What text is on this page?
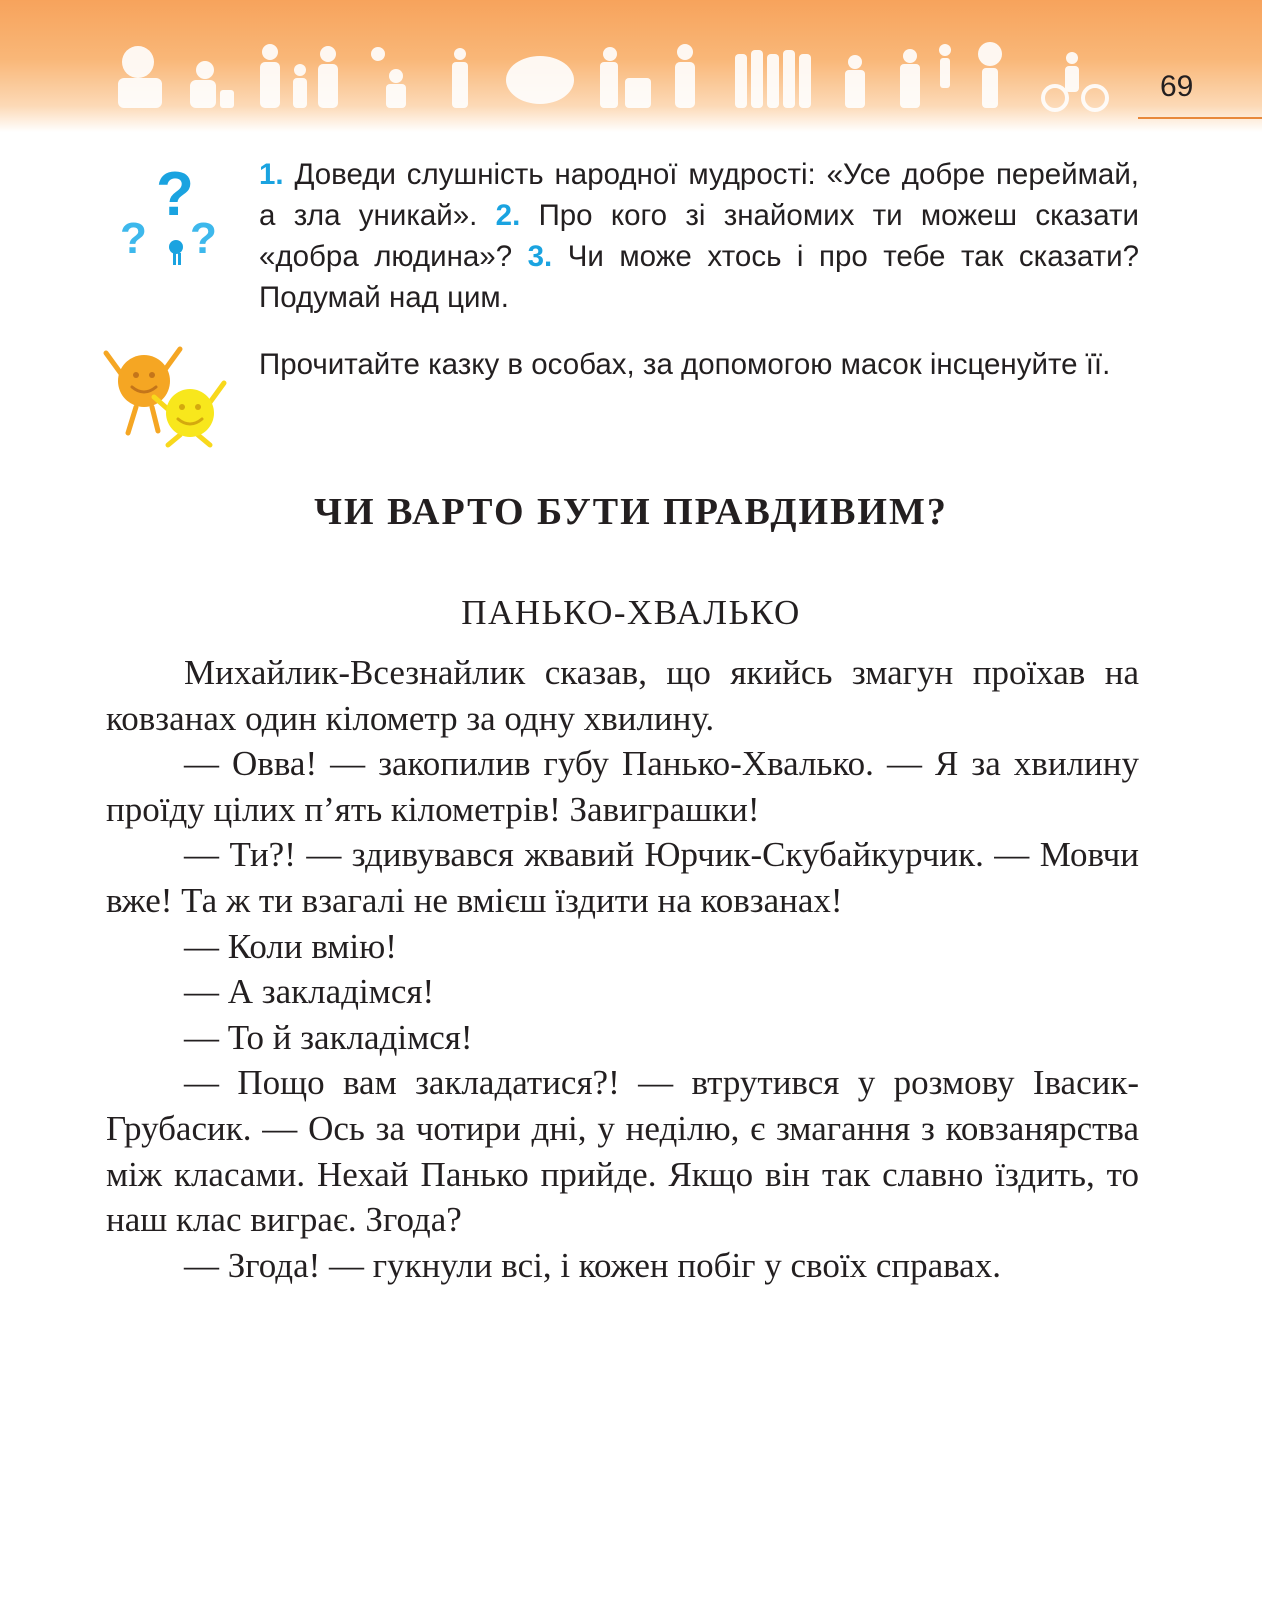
69
?
? ?
1. Доведи слушність народної мудрості: «Усе добре переймай, а зла уникай». 2. Про кого зі знайомих ти можеш сказати «добра людина»? 3. Чи може хтось і про тебе так сказати? Подумай над цим.
Прочитайте казку в особах, за допомогою масок інсценуйте її.
ЧИ ВАРТО БУТИ ПРАВДИВИМ?
ПАНЬКО-ХВАЛЬКО

Михайлик-Всезнайлик сказав, що якийсь змагун проїхав на ковзанах один кілометр за одну хвилину.

— Овва! — закопилив губу Панько-Хвалько. — Я за хвилину проїду цілих п’ять кілометрів! Завиграшки!

— Ти?! — здивувався жвавий Юрчик-Скубайкурчик. — Мовчи вже! Та ж ти взагалі не вмієш їздити на ковзанах!

— Коли вмію!

— А закладімся!

— То й закладімся!

— Пощо вам закладатися?! — втрутився у розмову Івасик-Грубасик. — Ось за чотири дні, у неділю, є змагання з ковзанярства між класами. Нехай Панько прийде. Якщо він так славно їздить, то наш клас виграє. Згода?

— Згода! — гукнули всі, і кожен побіг у своїх справах.
